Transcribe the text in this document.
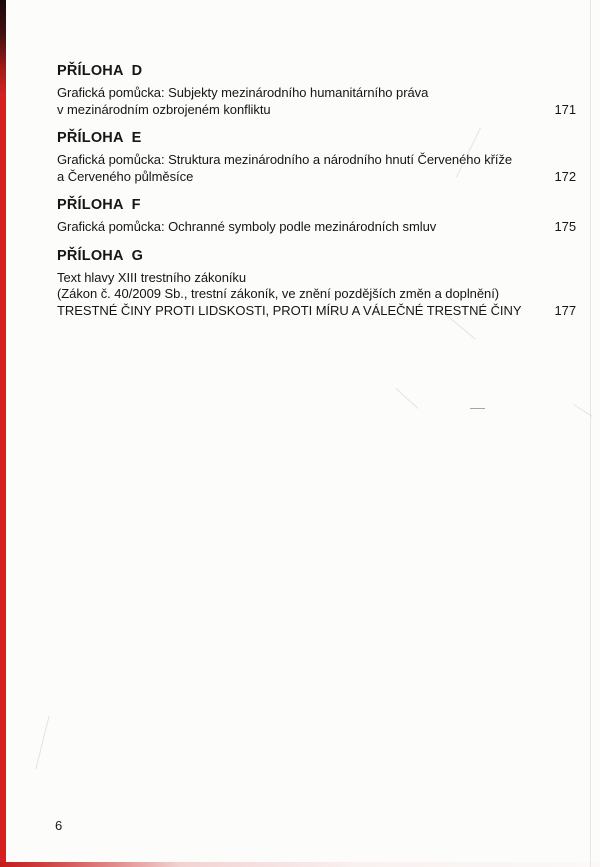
PŘÍLOHA  D
Grafická pomůcka: Subjekty mezinárodního humanitárního práva
v mezinárodním ozbrojeném konfliktu	171
PŘÍLOHA  E
Grafická pomůcka: Struktura mezinárodního a národního hnutí Červeného kříže
a Červeného půlměsíce	172
PŘÍLOHA  F
Grafická pomůcka: Ochranné symboly podle mezinárodních smluv	175
PŘÍLOHA  G
Text hlavy XIII trestního zákoníku
(Zákon č. 40/2009 Sb., trestní zákoník, ve znění pozdějších změn a doplnění)
TRESTNÉ ČINY PROTI LIDSKOSTI, PROTI MÍRU A VÁLEČNÉ TRESTNÉ ČINY	177
6
